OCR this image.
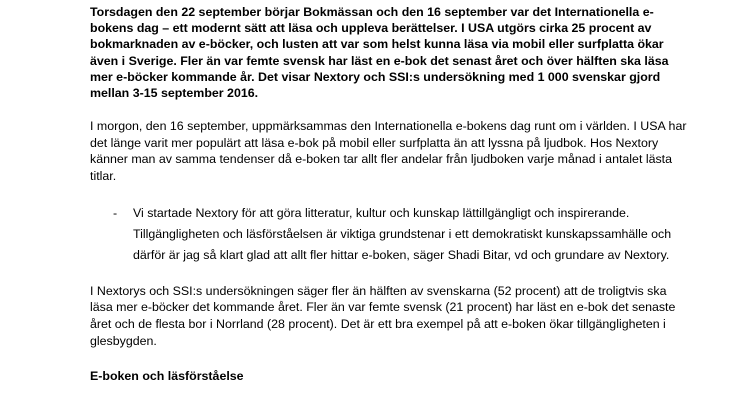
Torsdagen den 22 september börjar Bokmässan och den 16 september var det Internationella e-bokens dag – ett modernt sätt att läsa och uppleva berättelser. I USA utgörs cirka 25 procent av bokmarknaden av e-böcker, och lusten att var som helst kunna läsa via mobil eller surfplatta ökar även i Sverige. Fler än var femte svensk har läst en e-bok det senast året och över hälften ska läsa mer e-böcker kommande år. Det visar Nextory och SSI:s undersökning med 1 000 svenskar gjord mellan 3-15 september 2016.

I morgon, den 16 september, uppmärksammas den Internationella e-bokens dag runt om i världen. I USA har det länge varit mer populärt att läsa e-bok på mobil eller surfplatta än att lyssna på ljudbok. Hos Nextory känner man av samma tendenser då e-boken tar allt fler andelar från ljudboken varje månad i antalet lästa titlar.

- Vi startade Nextory för att göra litteratur, kultur och kunskap lättillgängligt och inspirerande. Tillgängligheten och läsförståelsen är viktiga grundstenar i ett demokratiskt kunskapssamhälle och därför är jag så klart glad att allt fler hittar e-boken, säger Shadi Bitar, vd och grundare av Nextory.

I Nextorys och SSI:s undersökningen säger fler än hälften av svenskarna (52 procent) att de troligtvis ska läsa mer e-böcker det kommande året. Fler än var femte svensk (21 procent) har läst en e-bok det senaste året och de flesta bor i Norrland (28 procent). Det är ett bra exempel på att e-boken ökar tillgängligheten i glesbygden.

E-boken och läsförståelse
